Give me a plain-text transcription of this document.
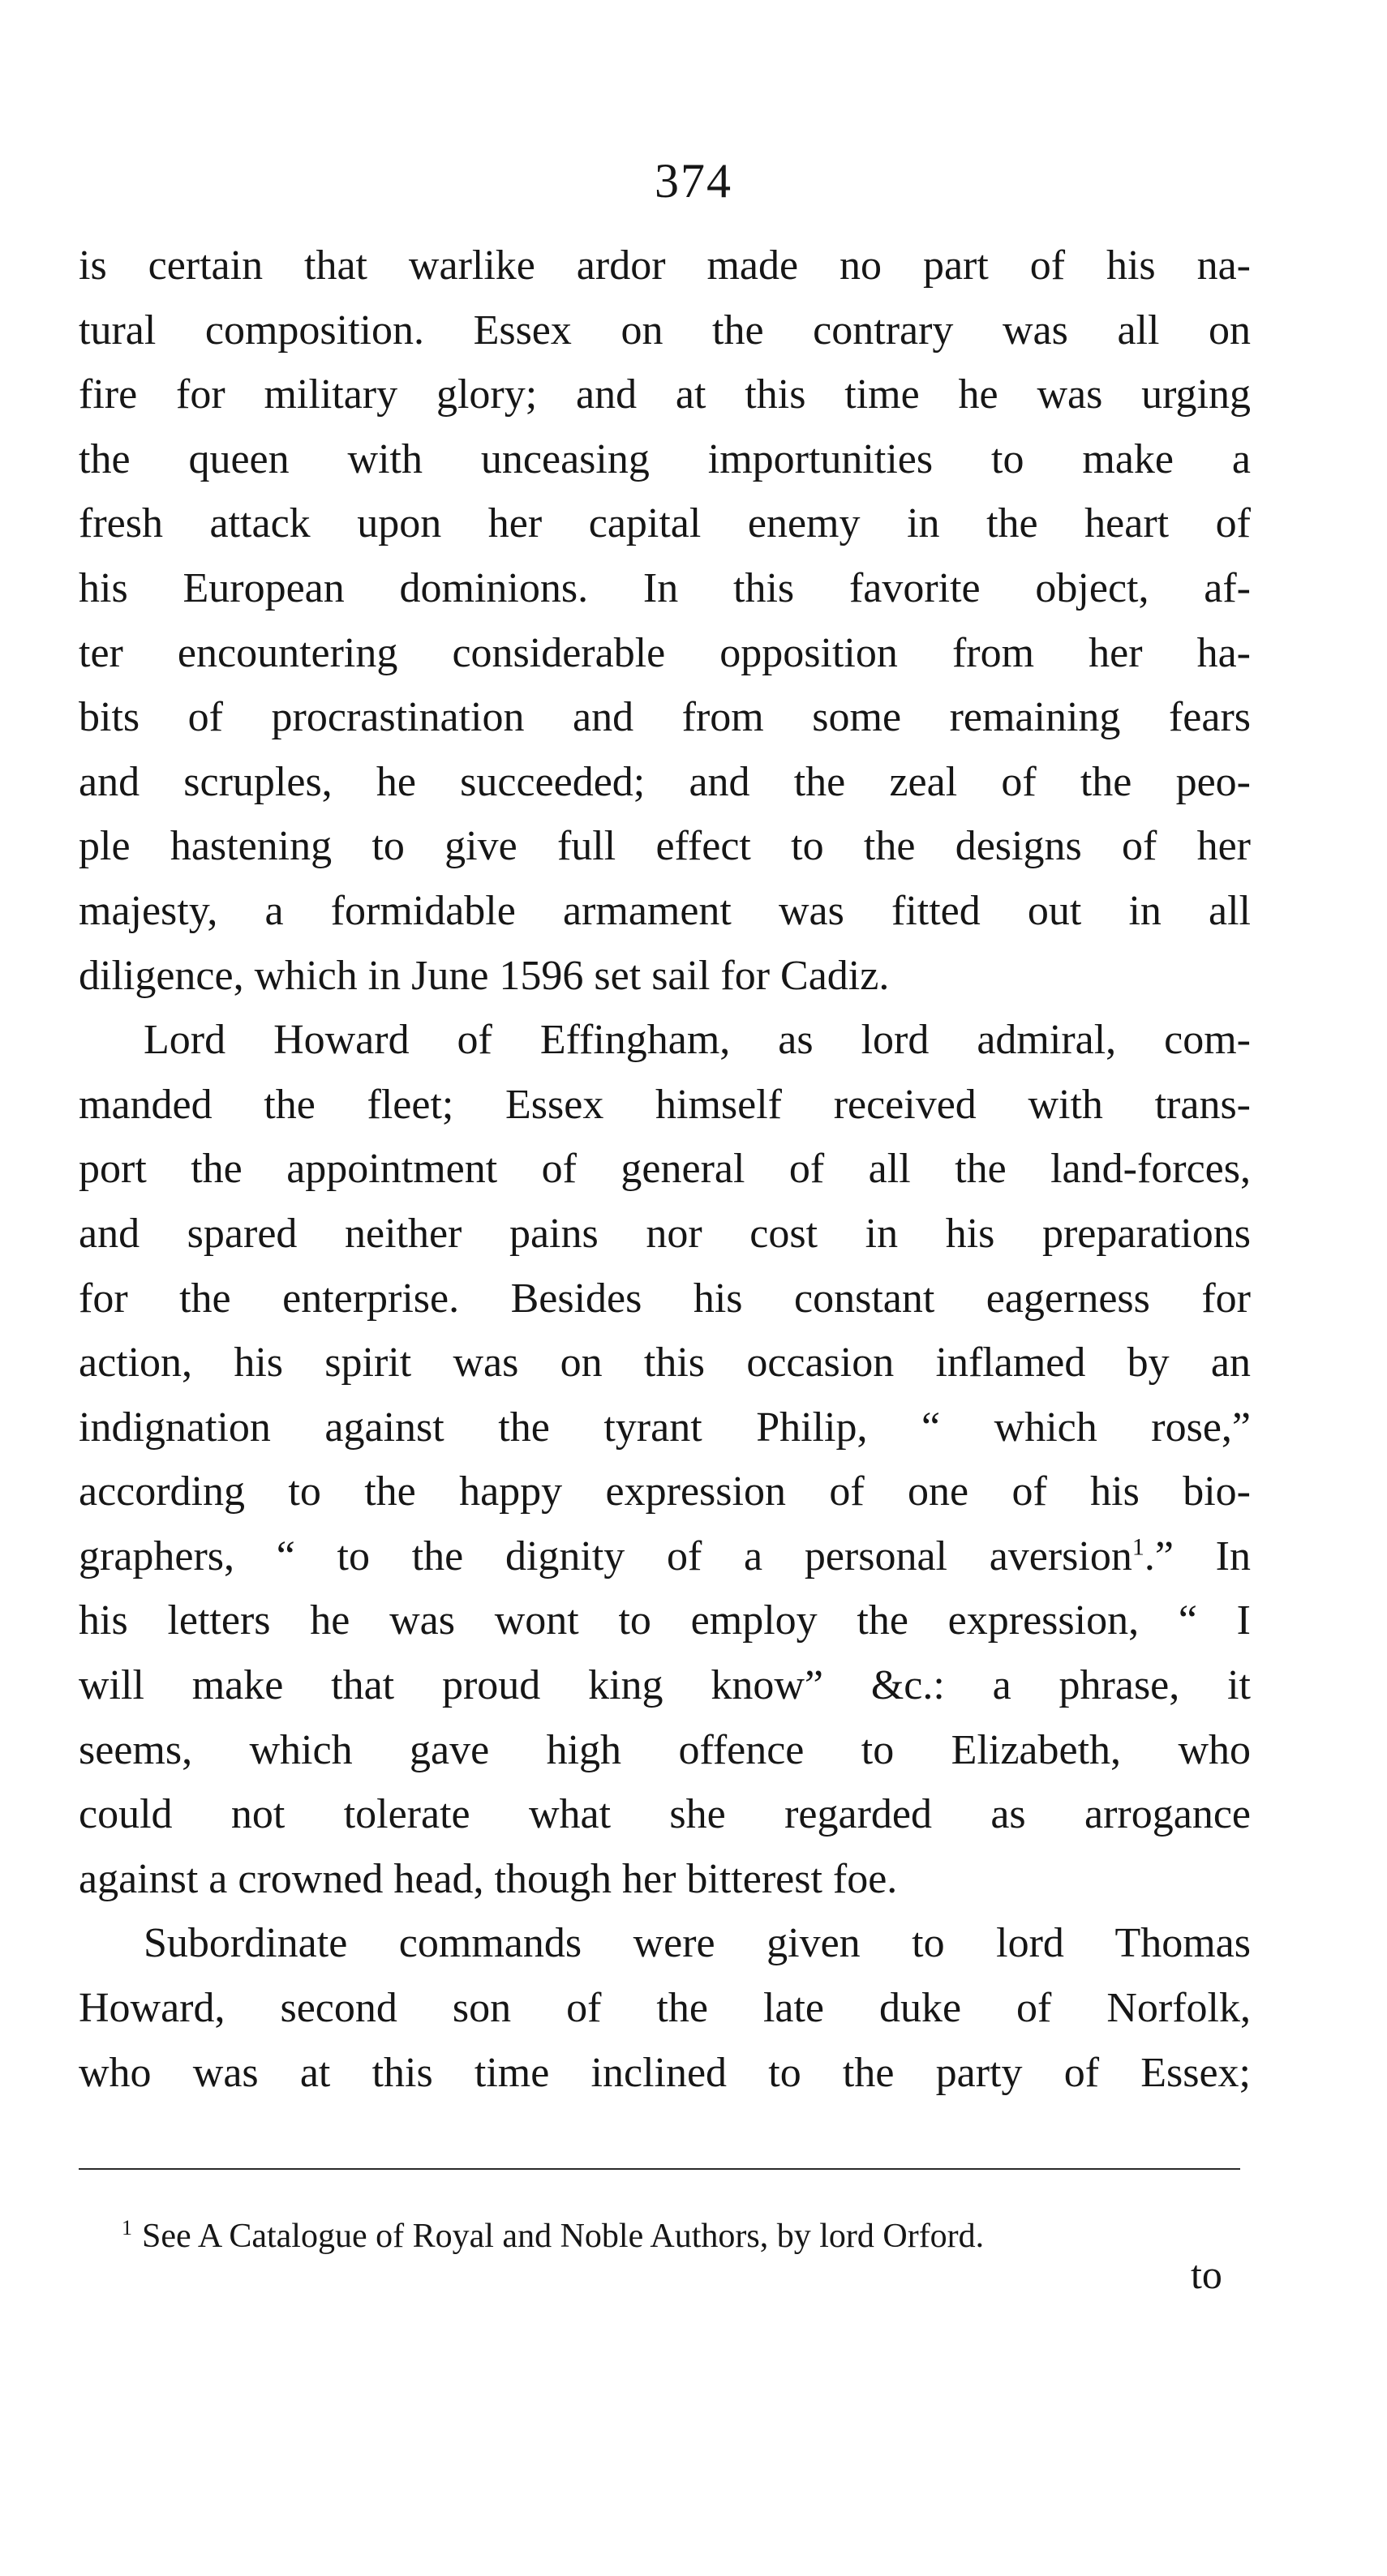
374

is certain that warlike ardor made no part of his na-
tural composition. Essex on the contrary was all on
fire for military glory; and at this time he was urging
the queen with unceasing importunities to make a
fresh attack upon her capital enemy in the heart of
his European dominions. In this favorite object, af-
ter encountering considerable opposition from her ha-
bits of procrastination and from some remaining fears
and scruples, he succeeded; and the zeal of the peo-
ple hastening to give full effect to the designs of her
majesty, a formidable armament was fitted out in all
diligence, which in June 1596 set sail for Cadiz.

Lord Howard of Effingham, as lord admiral, com-
manded the fleet; Essex himself received with trans-
port the appointment of general of all the land-forces,
and spared neither pains nor cost in his preparations
for the enterprise. Besides his constant eagerness for
action, his spirit was on this occasion inflamed by an
indignation against the tyrant Philip, “ which rose,”
according to the happy expression of one of his bio-
graphers, “ to the dignity of a personal aversion$^1$.” In
his letters he was wont to employ the expression, “ I
will make that proud king know” &c.: a phrase, it
seems, which gave high offence to Elizabeth, who
could not tolerate what she regarded as arrogance
against a crowned head, though her bitterest foe.

Subordinate commands were given to lord Thomas
Howard, second son of the late duke of Norfolk,
who was at this time inclined to the party of Essex;

$^1$ See A Catalogue of Royal and Noble Authors, by lord Orford.
to
